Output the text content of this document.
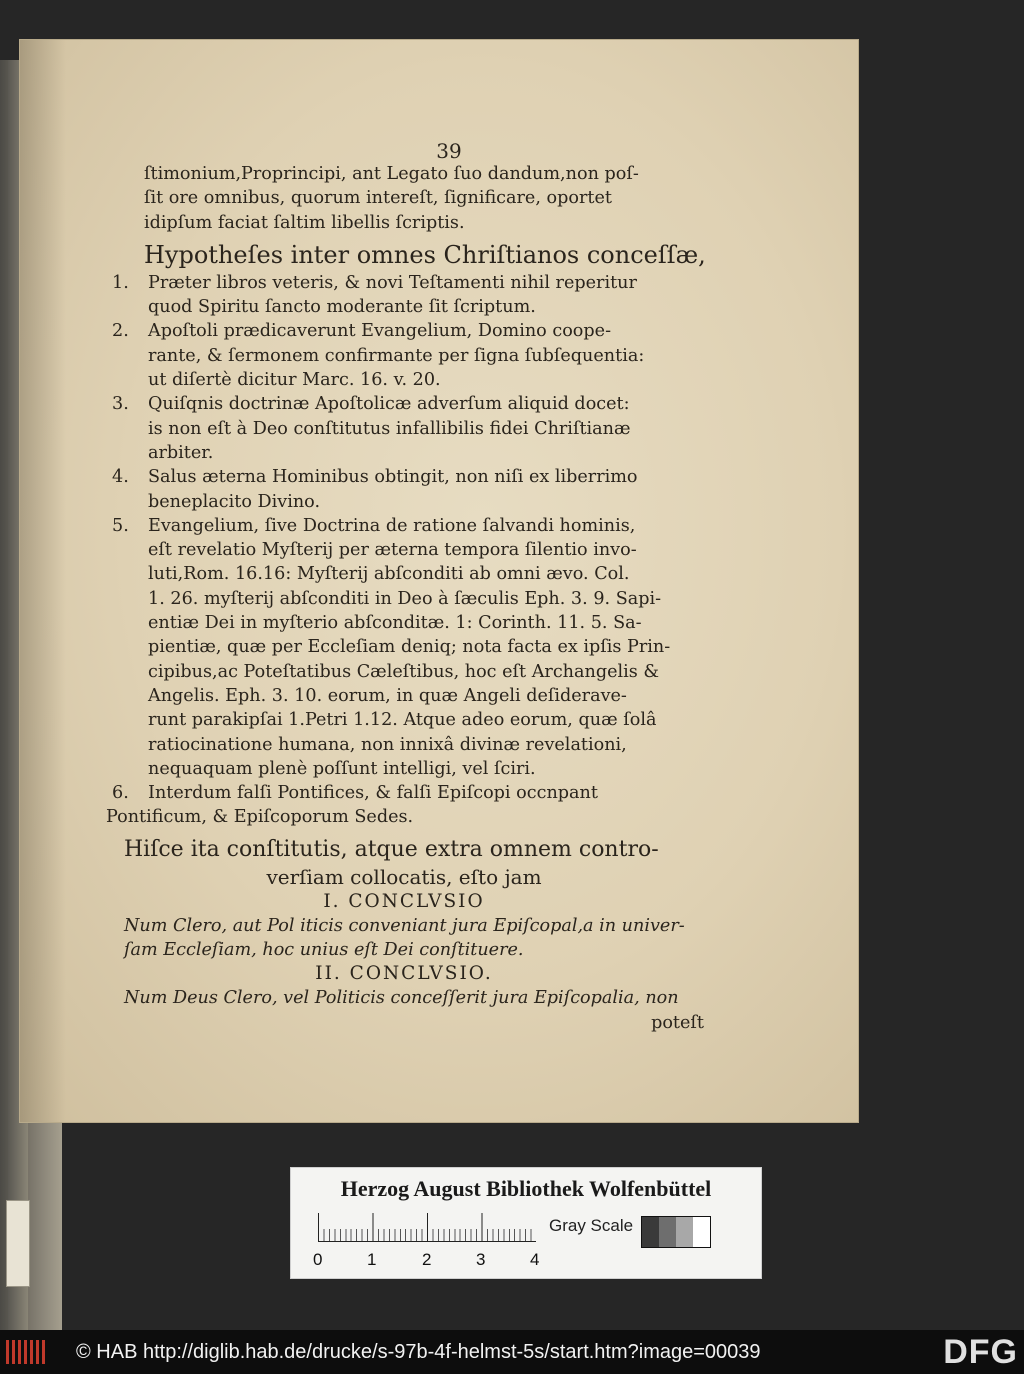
39
ſtimonium,Proprincipi, ant Legato ſuo dandum,non poſ-
ſit ore omnibus, quorum intereſt, ſignificare, oportet
idipſum faciat ſaltim libellis ſcriptis.
Hypotheſes inter omnes Chriſtianos conceſſæ,
1. Præter libros veteris, & novi Teſtamenti nihil reperitur
quod Spiritu ſancto moderante ſit ſcriptum.
2. Apoſtoli prædicaverunt Evangelium, Domino coope-
rante, & ſermonem confirmante per ſigna ſubſequentia:
ut diſertè dicitur Marc. 16. v. 20.
3. Quiſqnis doctrinæ Apoſtolicæ adverſum aliquid docet:
is non eſt à Deo conſtitutus infallibilis fidei Chriſtianæ
arbiter.
4. Salus æterna Hominibus obtingit, non niſi ex liberrimo
beneplacito Divino.
5. Evangelium, ſive Doctrina de ratione ſalvandi hominis,
eſt revelatio Myſterij per æterna tempora ſilentio invo-
luti,Rom. 16.16: Myſterij abſconditi ab omni ævo. Col.
1. 26. myſterij abſconditi in Deo à ſæculis Eph. 3. 9. Sapi-
entiæ Dei in myſterio abſconditæ. 1: Corinth. 11. 5. Sa-
pientiæ, quæ per Eccleſiam deniq; nota facta ex ipſis Prin-
cipibus,ac Poteſtatibus Cæleſtibus, hoc eſt Archangelis &
Angelis. Eph. 3. 10. eorum, in quæ Angeli deſiderave-
runt parakipſai 1.Petri 1.12. Atque adeo eorum, quæ ſolâ
ratiocinatione humana, non innixâ divinæ revelationi,
nequaquam plenè poſſunt intelligi, vel ſciri.
6. Interdum falſi Pontifices, & falſi Epiſcopi occnpant
Pontificum, & Epiſcoporum Sedes.
Hiſce ita conſtitutis, atque extra omnem contro-
verſiam collocatis, eſto jam
I. CONCLVSIO
Num Clero, aut Pol iticis conveniant jura Epiſcopal,a in univer-
ſam Eccleſiam, hoc unius eſt Dei conſtituere.
II. CONCLVSIO.
Num Deus Clero, vel Politicis conceſſerit jura Epiſcopalia, non
poteſt
Herzog August Bibliothek Wolfenbüttel
0	1	2	3	4
Gray Scale
© HAB http://diglib.hab.de/drucke/s-97b-4f-helmst-5s/start.htm?image=00039	DFG
